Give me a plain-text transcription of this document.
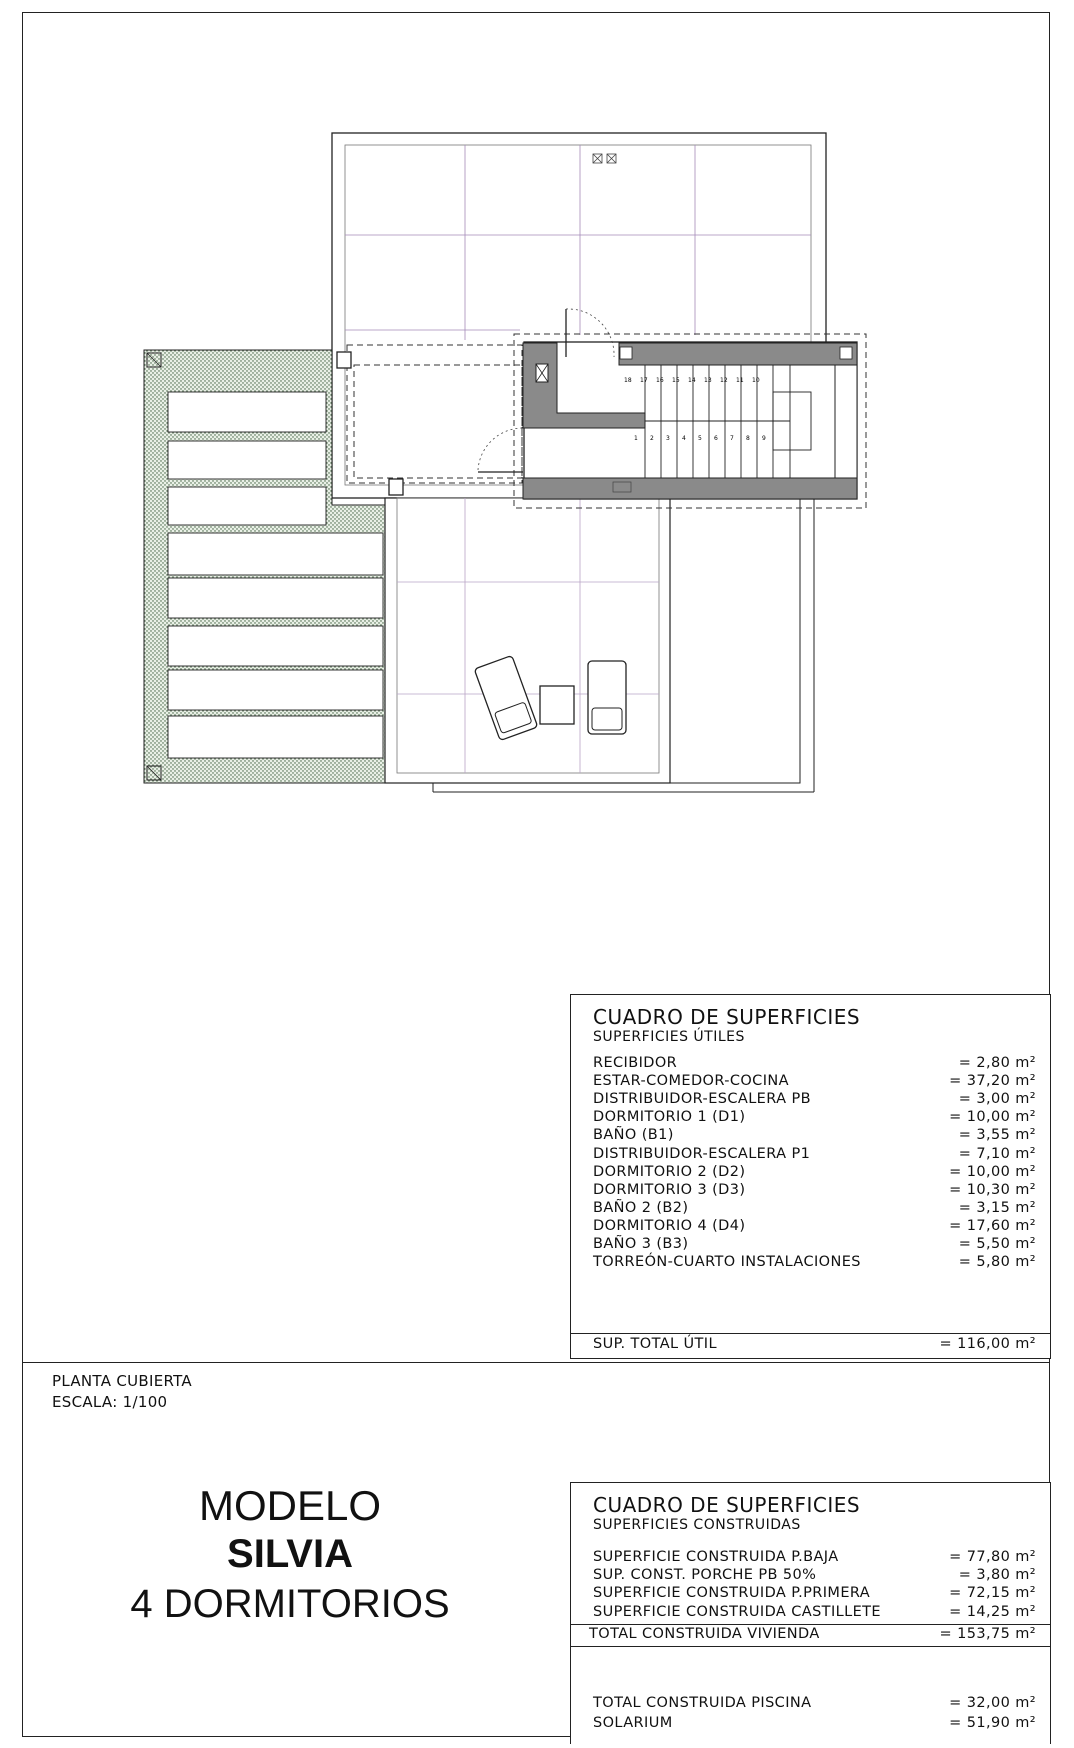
18 17 16 15 14 13 12 11 10
1 2 3 4 5 6 7 8 9
CUADRO DE SUPERFICIES
SUPERFICIES ÚTILES
RECIBIDOR	= 2,80 m²
ESTAR-COMEDOR-COCINA	= 37,20 m²
DISTRIBUIDOR-ESCALERA PB	= 3,00 m²
DORMITORIO 1 (D1)	= 10,00 m²
BAÑO (B1)	= 3,55 m²
DISTRIBUIDOR-ESCALERA P1	= 7,10 m²
DORMITORIO 2 (D2)	= 10,00 m²
DORMITORIO 3 (D3)	= 10,30 m²
BAÑO 2 (B2)	= 3,15 m²
DORMITORIO 4 (D4)	= 17,60 m²
BAÑO 3 (B3)	= 5,50 m²
TORREÓN-CUARTO INSTALACIONES	= 5,80 m²
SUP. TOTAL ÚTIL	= 116,00 m²
PLANTA CUBIERTA
ESCALA: 1/100
MODELO
SILVIA
4 DORMITORIOS
CUADRO DE SUPERFICIES
SUPERFICIES CONSTRUIDAS
SUPERFICIE CONSTRUIDA P.BAJA	= 77,80 m²
SUP. CONST. PORCHE PB 50%	= 3,80 m²
SUPERFICIE CONSTRUIDA P.PRIMERA	= 72,15 m²
SUPERFICIE CONSTRUIDA CASTILLETE	= 14,25 m²
TOTAL CONSTRUIDA VIVIENDA	= 153,75 m²
TOTAL CONSTRUIDA PISCINA	= 32,00 m²
SOLARIUM	= 51,90 m²
